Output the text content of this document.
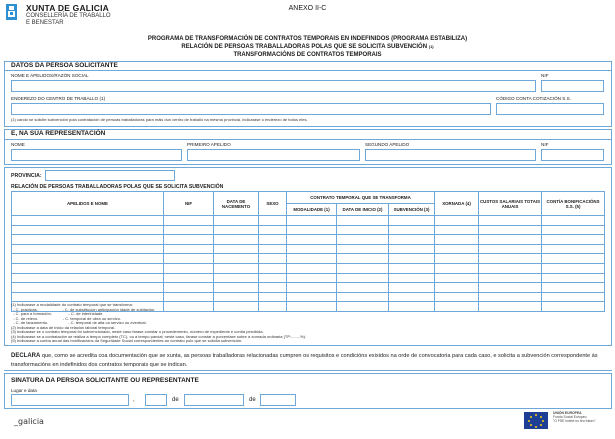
XUNTA DE GALICIA
CONSELLERÍA DE TRABALLO
E BENESTAR
ANEXO II-C
PROGRAMA DE TRANSFORMACIÓN DE CONTRATOS TEMPORAIS EN INDEFINIDOS (PROGRAMA ESTABILIZA)
RELACIÓN DE PERSOAS TRABALLADORAS POLAS QUE SE SOLICITA SUBVENCIÓN $^{(1)}$
TRANSFORMACIÓNS DE CONTRATOS TEMPORAIS
DATOS DA PERSOA SOLICITANTE
NOME E APELIDOS/RAZÓN SOCIAL	NIF
ENDEREZO DO CENTRO DE TRABALLO (1)	CÓDIGO CONTA COTIZACIÓN S.S.
(1) cando se solicite subvención pola contratación de persoas traballadoras para máis dun centro de traballo na mesma provincia, indicarase o enderezo de todos eles.
E, NA SÚA REPRESENTACIÓN
NOME	PRIMEIRO APELIDO	SEGUNDO APELIDO	NIF
PROVINCIA:
RELACIÓN DE PERSOAS TRABALLADORAS POLAS QUE SE SOLICITA SUBVENCIÓN
APELIDOS E NOME	NIF	DATA DE NACEMENTO	SEXO	CONTRATO TEMPORAL QUE SE TRANSFORMA			XORNADA (4)	CUSTOS SALARIAIS TOTAIS ANUAIS	CONTÍA BONIFICACIÓNS S.S. (5)
				MODALIDADE (1)	DATA DE INICIO (2)	SUBVENCIÓN (3)			

(1) Indicarase a modalidade do contrato temporal que se transforma:
- C. prácticas.                      - C. de substitución anticipación idade de xubilación.
- C. para a formación.               - C. de interinidade.
- C. de relevo.                      - C. temporal de obra ou servizo.
- C. de lanzamento.                  - C. temporal de alta ou servizo ou eventual.
(2) Indicarase a data de inicio da relación laboral temporal.
(3) Indicarase se o contrato temporal foi subvencionado, neste caso farase constar o procedemento, número de expediente e contía percibida.
(4) Indicarase se a contratación se realiza a tempo completo (TC), ou a tempo parcial; neste caso, farase constar a porcentaxe sobre a xornada ordinaria (TP:........%).
(5) Indicarase a contía anual das bonificacións da Seguridade Social correspondentes ao contrato polo que se solicita subvención.
DECLARA que, como se acredita coa documentación que se xunta, as persoas traballadoras relacionadas cumpren os requisitos e condicións exixidos na orde de convocatoria para cada caso, e solicita a subvención correspondente ás transformacións en indefinidos dos contratos temporais que se indican.
SINATURA DA PERSOA SOLICITANTE OU REPRESENTANTE
Lugar e data
,	de	de
_galicia
UNIÓN EUROPEA
Fondo Social Europeo
"O FSE invirte no teu futuro"
